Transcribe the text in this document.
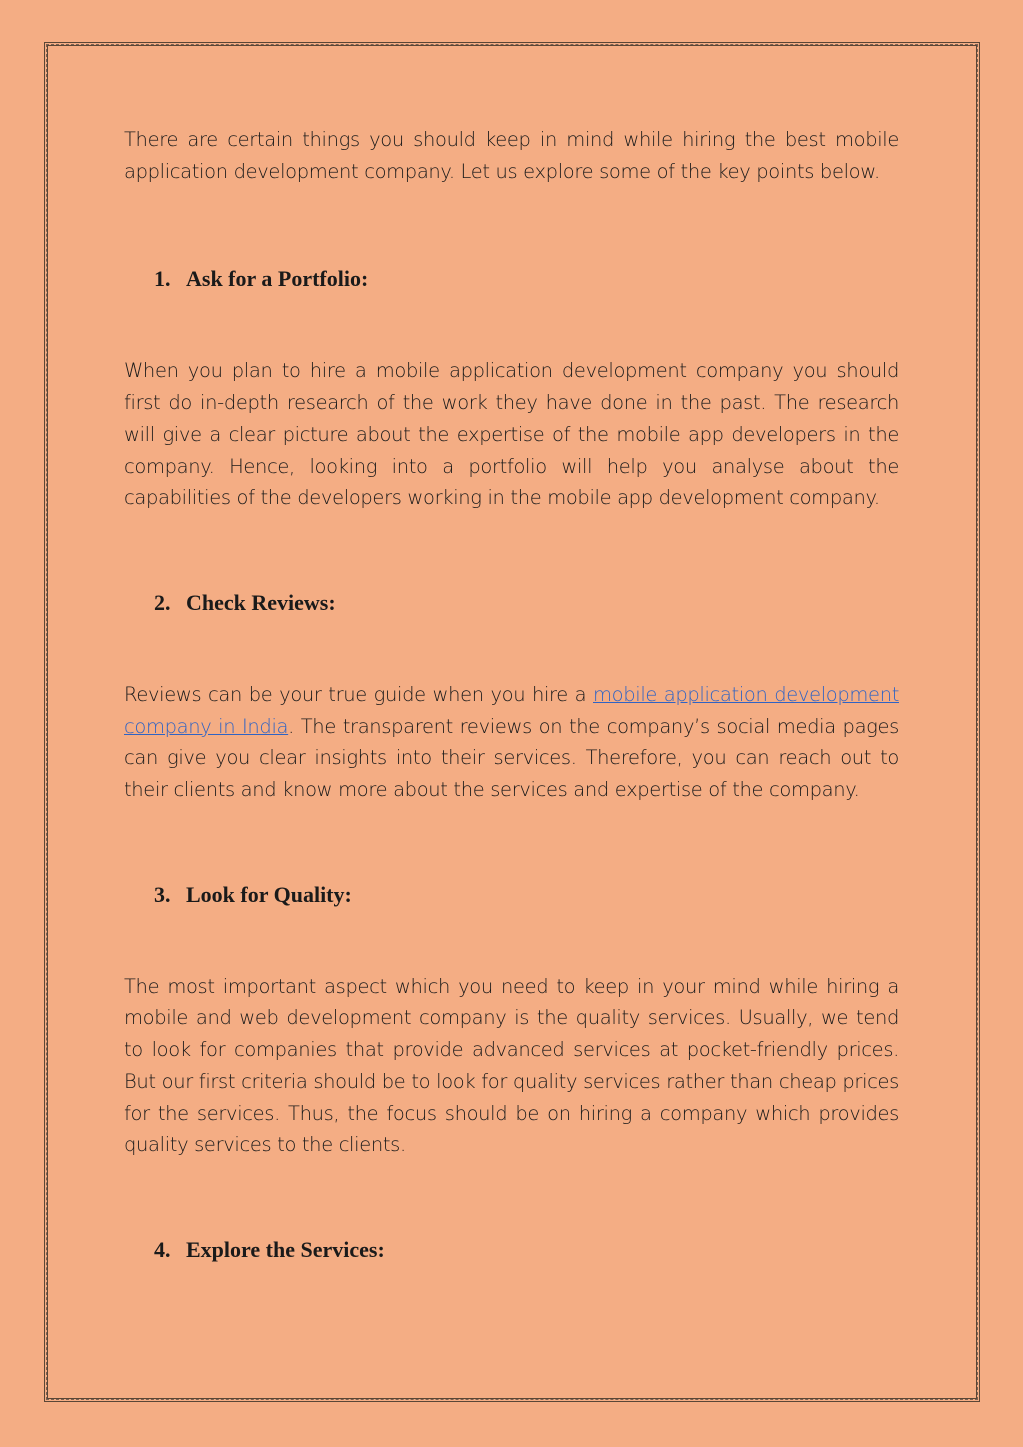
There are certain things you should keep in mind while hiring the best mobile application development company. Let us explore some of the key points below.

1. Ask for a Portfolio:

When you plan to hire a mobile application development company you should first do in-depth research of the work they have done in the past. The research will give a clear picture about the expertise of the mobile app developers in the company. Hence, looking into a portfolio will help you analyse about the capabilities of the developers working in the mobile app development company.

2. Check Reviews:

Reviews can be your true guide when you hire a mobile application development company in India. The transparent reviews on the company’s social media pages can give you clear insights into their services. Therefore, you can reach out to their clients and know more about the services and expertise of the company.

3. Look for Quality:

The most important aspect which you need to keep in your mind while hiring a mobile and web development company is the quality services. Usually, we tend to look for companies that provide advanced services at pocket-friendly prices. But our first criteria should be to look for quality services rather than cheap prices for the services. Thus, the focus should be on hiring a company which provides quality services to the clients.

4. Explore the Services:
